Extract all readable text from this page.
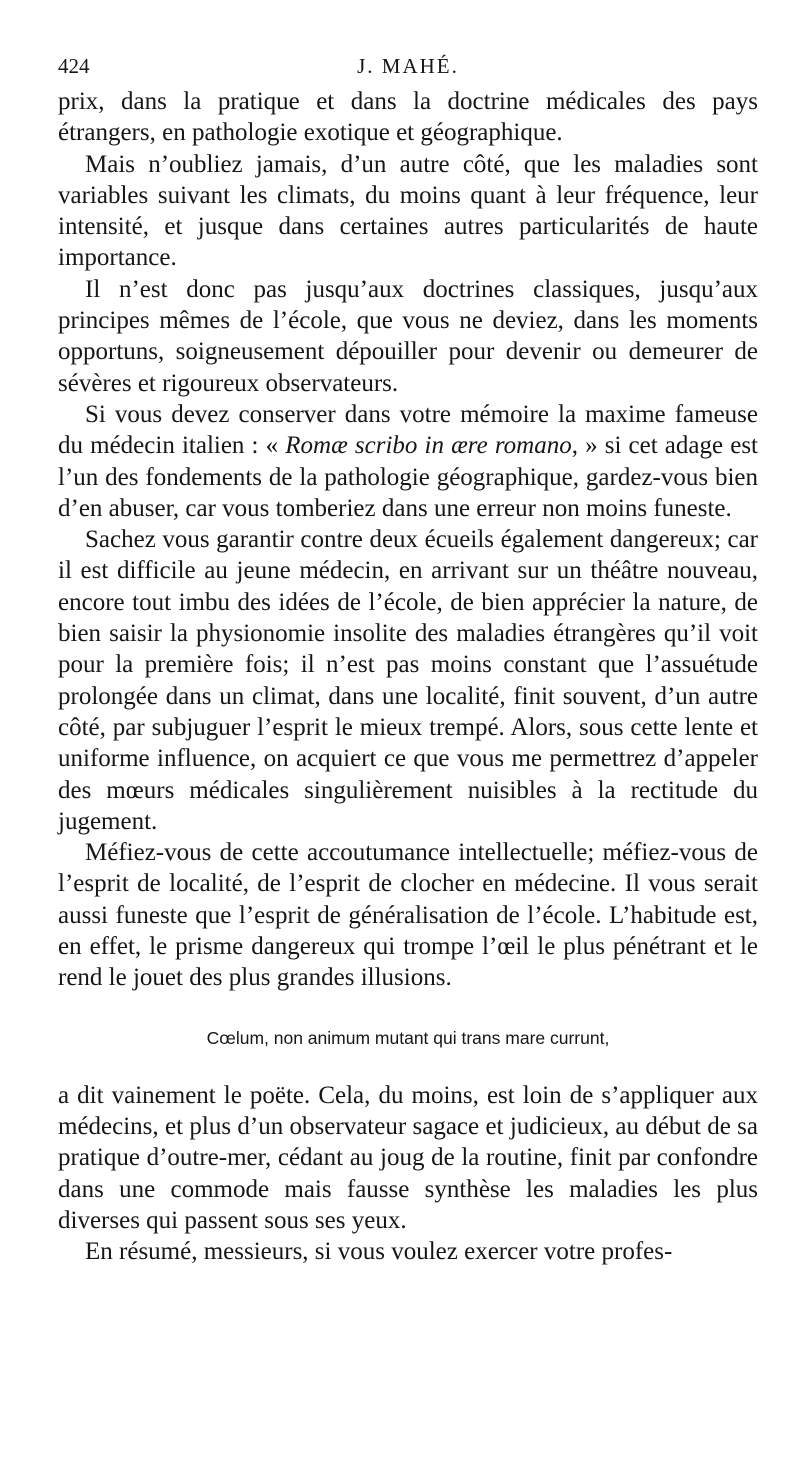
424	J. MAHÉ.

prix, dans la pratique et dans la doctrine médicales des pays étrangers, en pathologie exotique et géographique.

Mais n’oubliez jamais, d’un autre côté, que les maladies sont variables suivant les climats, du moins quant à leur fréquence, leur intensité, et jusque dans certaines autres particularités de haute importance.

Il n’est donc pas jusqu’aux doctrines classiques, jusqu’aux principes mêmes de l’école, que vous ne deviez, dans les moments opportuns, soigneusement dépouiller pour devenir ou demeurer de sévères et rigoureux observateurs.

Si vous devez conserver dans votre mémoire la maxime fameuse du médecin italien : « Romæ scribo in ære romano, » si cet adage est l’un des fondements de la pathologie géographique, gardez-vous bien d’en abuser, car vous tomberiez dans une erreur non moins funeste.

Sachez vous garantir contre deux écueils également dangereux; car il est difficile au jeune médecin, en arrivant sur un théâtre nouveau, encore tout imbu des idées de l’école, de bien apprécier la nature, de bien saisir la physionomie insolite des maladies étrangères qu’il voit pour la première fois; il n’est pas moins constant que l’assuétude prolongée dans un climat, dans une localité, finit souvent, d’un autre côté, par subjuguer l’esprit le mieux trempé. Alors, sous cette lente et uniforme influence, on acquiert ce que vous me permettrez d’appeler des mœurs médicales singulièrement nuisibles à la rectitude du jugement.

Méfiez-vous de cette accoutumance intellectuelle; méfiez-vous de l’esprit de localité, de l’esprit de clocher en médecine. Il vous serait aussi funeste que l’esprit de généralisation de l’école. L’habitude est, en effet, le prisme dangereux qui trompe l’œil le plus pénétrant et le rend le jouet des plus grandes illusions.

Cœlum, non animum mutant qui trans mare currunt,

a dit vainement le poëte. Cela, du moins, est loin de s’appliquer aux médecins, et plus d’un observateur sagace et judicieux, au début de sa pratique d’outre-mer, cédant au joug de la routine, finit par confondre dans une commode mais fausse synthèse les maladies les plus diverses qui passent sous ses yeux.

En résumé, messieurs, si vous voulez exercer votre profes-
